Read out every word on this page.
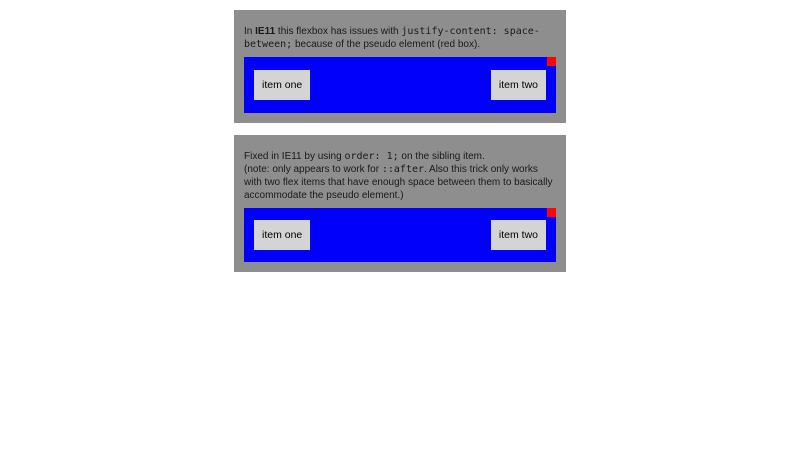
In IE11 this flexbox has issues with justify-content: space-between; because of the pseudo element (red box).

item one	item two

Fixed in IE11 by using order: 1; on the sibling item.
(note: only appears to work for ::after. Also this trick only works with two flex items that have enough space between them to basically accommodate the pseudo element.)

item one	item two
